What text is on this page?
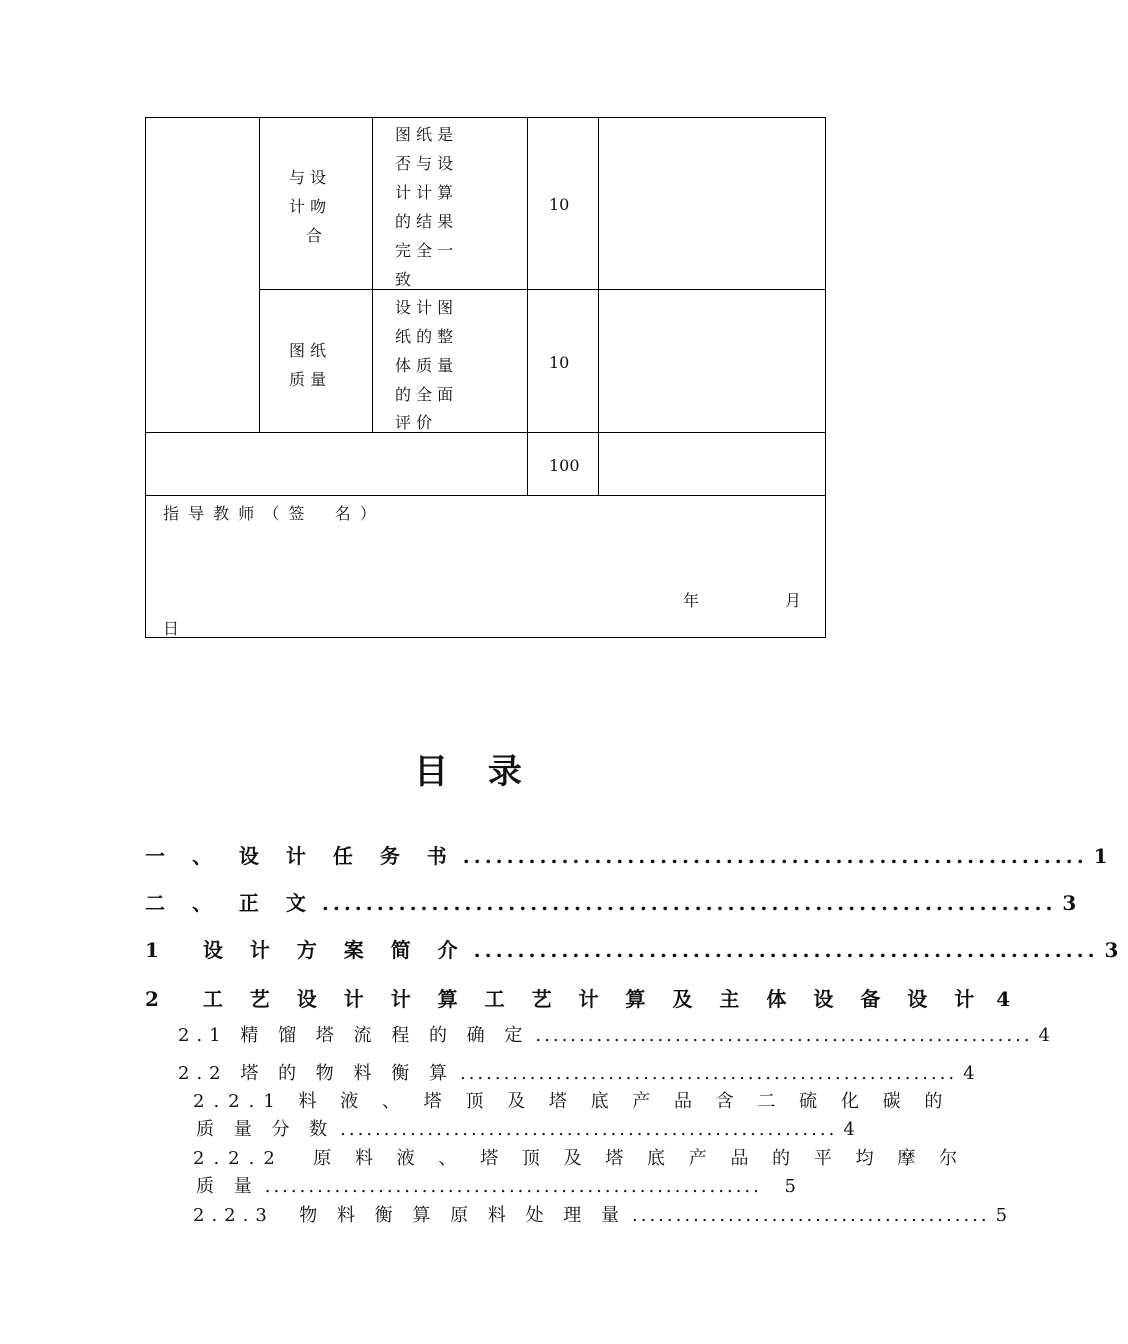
与 设
计 吻
合
图 纸 是
否 与 设
计 计 算
的 结 果
完 全 一
致
10
图 纸
质 量
设 计 图
纸 的 整
体 质 量
的 全 面
评 价
10
100
指 导 教 师 （ 签    名 ）
年	月
日
目 录
一 、 设 计 任 务 书 ......................................................... 1
二 、 正 文 ................................................................... 3
1  设 计 方 案 简 介 ......................................................... 3
2  工 艺 设 计 计 算 工 艺 计 算 及 主 体 设 备 设 计 4
2.1 精 馏 塔 流 程 的 确 定 ......................................................... 4
2.2 塔 的 物 料 衡 算 ......................................................... 4
2.2.1 料 液 、 塔 顶 及 塔 底 产 品 含 二 硫 化 碳 的
质 量 分 数 ......................................................... 4
2.2.2  原 料 液 、 塔 顶 及 塔 底 产 品 的 平 均 摩 尔
质 量 .........................................................	5
2.2.3  物 料 衡 算 原 料 处 理 量 ......................................... 5
